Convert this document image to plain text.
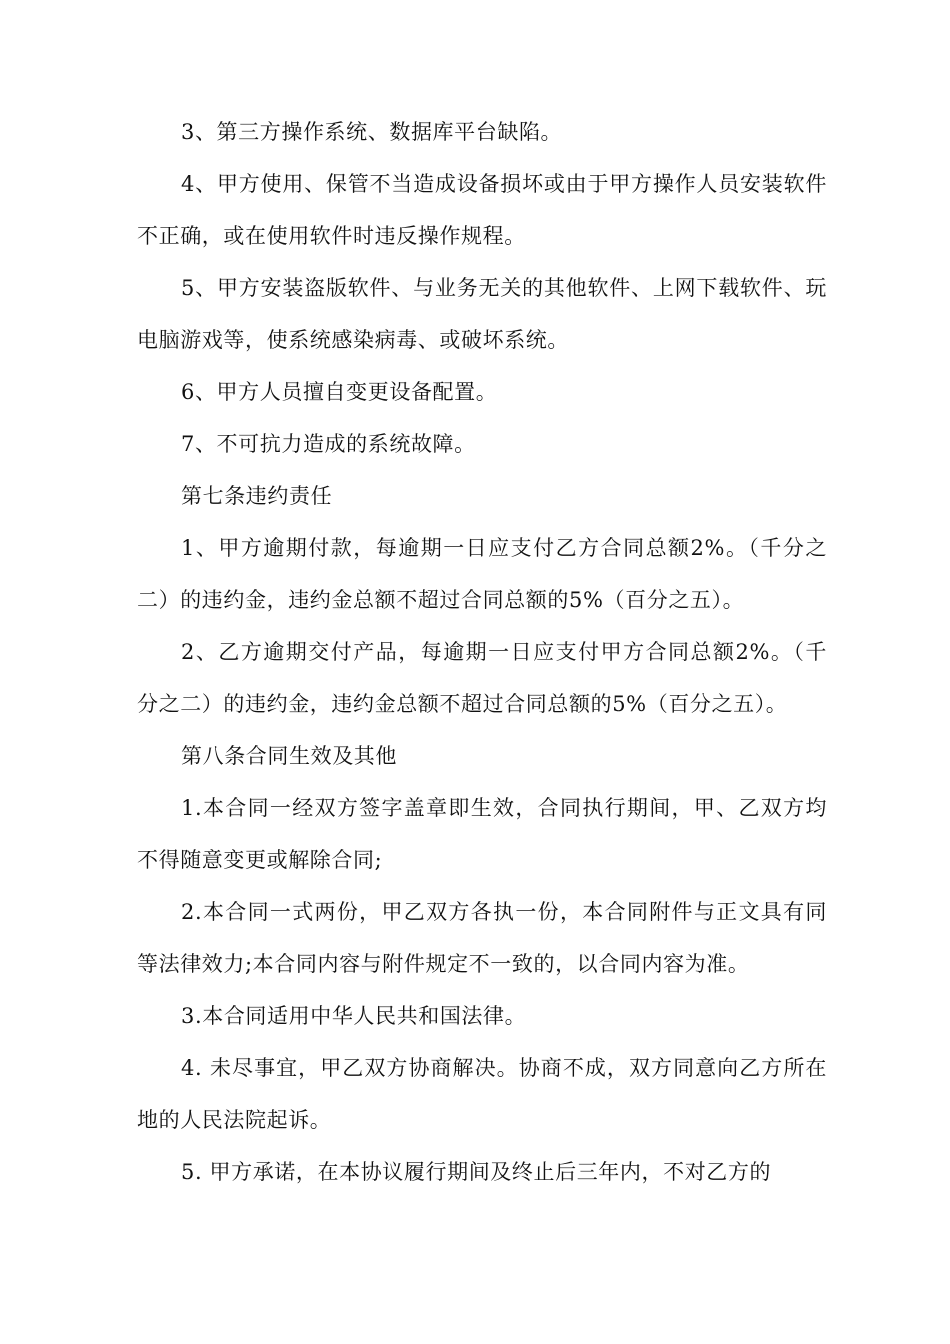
3、第三方操作系统、数据库平台缺陷。

4、甲方使用、保管不当造成设备损坏或由于甲方操作人员安装软件不正确，或在使用软件时违反操作规程。

5、甲方安装盗版软件、与业务无关的其他软件、上网下载软件、玩电脑游戏等，使系统感染病毒、或破坏系统。

6、甲方人员擅自变更设备配置。

7、不可抗力造成的系统故障。

第七条违约责任

1、甲方逾期付款，每逾期一日应支付乙方合同总额2%。（千分之 二）的违约金，违约金总额不超过合同总额的5%（百分之五）。

2、乙方逾期交付产品，每逾期一日应支付甲方合同总额2%。（千 分之二）的违约金，违约金总额不超过合同总额的5%（百分之五）。

第八条合同生效及其他

1.本合同一经双方签字盖章即生效，合同执行期间，甲、乙双方均不得随意变更或解除合同;

2.本合同一式两份，甲乙双方各执一份，本合同附件与正文具有同等法律效力;本合同内容与附件规定不一致的，以合同内容为准。

3.本合同适用中华人民共和国法律。

4. 未尽事宜，甲乙双方协商解决。协商不成，双方同意向乙方所在地的人民法院起诉。

5. 甲方承诺，在本协议履行期间及终止后三年内，不对乙方的
